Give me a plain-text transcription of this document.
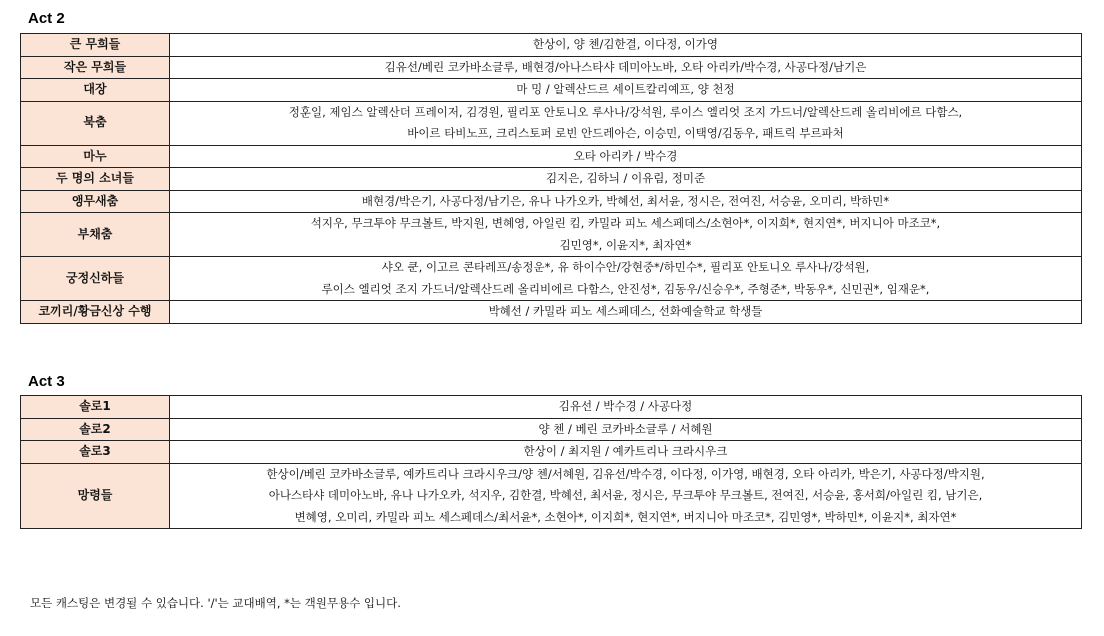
Act 2
큰 무희들	한상이, 양 첸/김한결, 이다정, 이가영

작은 무희들	김유선/베린 코카바소글루, 배현경/아나스타샤 데미아노바, 오타 아리카/박수경, 사공다정/남기은

대장	마 밍 / 알렉산드르 세이트칼리예프, 양 천정

북춤	정훈일, 제임스 알렉산더 프레이저, 김경원, 필리포 안토니오 루사나/강석원, 루이스 엘리엇 조지 가드너/알렉산드레 올리비에르 다함스,
바이르 타비노프, 크리스토퍼 로빈 안드레아슨, 이승민, 이택영/김동우, 패트릭 부르파처

마누	오타 아리카 / 박수경

두 명의 소녀들	김지은, 김하늬 / 이유림, 정미준

앵무새춤	배현경/박은기, 사공다정/남기은, 유나 나가오카, 박혜선, 최서윤, 정시은, 전여진, 서승윤, 오미리, 박하민*

부채춤	석지우, 무크투야 무크볼트, 박지원, 변혜영, 아일린 킴, 카밀라 피노 세스페데스/소현아*, 이지희*, 현지연*, 버지니아 마조코*,
김민영*, 이윤지*, 최자연*

궁정신하들	샤오 쿤, 이고르 콘타레프/송정운*, 유 하이수안/강현중*/하민수*, 필리포 안토니오 루사나/강석원,
루이스 엘리엇 조지 가드너/알렉산드레 올리비에르 다함스, 안진성*, 김동우/신승우*, 주형준*, 박동우*, 신민권*, 임재운*,

코끼리/황금신상 수행	박혜선 / 카밀라 피노 세스페데스, 선화예술학교 학생들
Act 3
솔로1	김유선 / 박수경 / 사공다정

솔로2	양 첸 / 베린 코카바소글루 / 서혜원

솔로3	한상이 / 최지원 / 예카트리나 크라시우크

망령들	한상이/베린 코카바소글루, 예카트리나 크라시우크/양 첸/서혜원, 김유선/박수경, 이다정, 이가영, 배현경, 오타 아리카, 박은기, 사공다정/박지원,
아나스타샤 데미아노바, 유나 나가오카, 석지우, 김한결, 박혜선, 최서윤, 정시은, 무크투야 무크볼트, 전여진, 서승윤, 홍서희/아일린 킴, 남기은,
변혜영, 오미리, 카밀라 피노 세스페데스/최서윤*, 소현아*, 이지희*, 현지연*, 버지니아 마조코*, 김민영*, 박하민*, 이윤지*, 최자연*
모든 캐스팅은 변경될 수 있습니다. '/'는 교대배역, *는 객원무용수 입니다.
